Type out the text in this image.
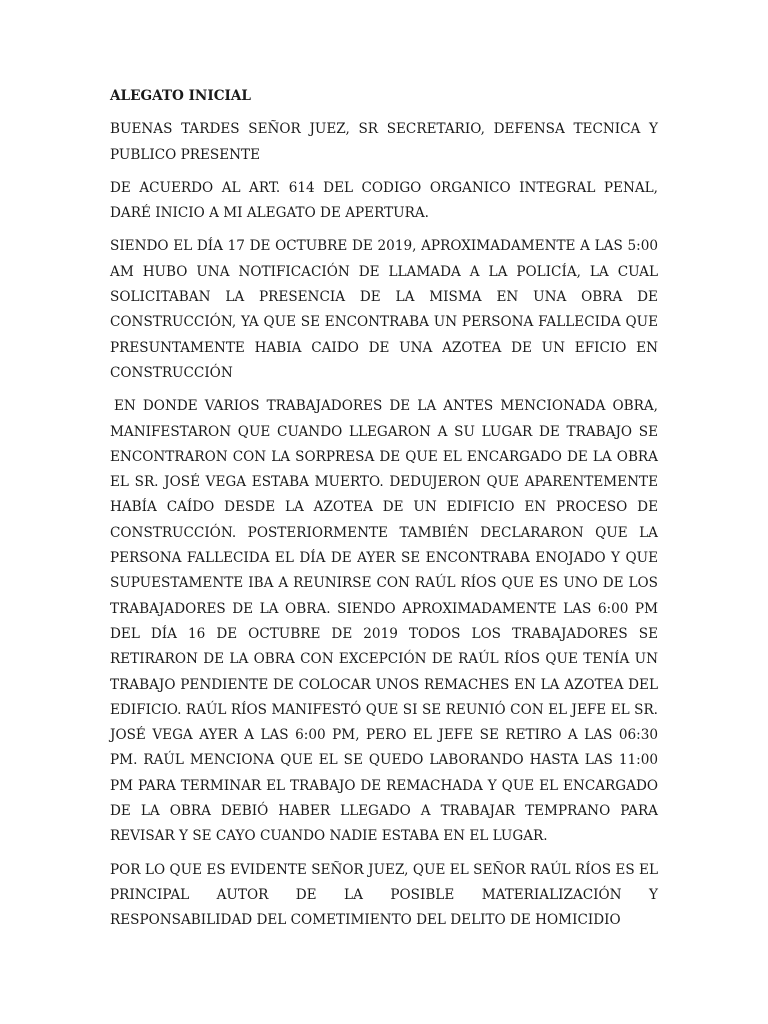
ALEGATO INICIAL

BUENAS TARDES SEÑOR JUEZ, SR SECRETARIO, DEFENSA TECNICA Y PUBLICO PRESENTE

DE ACUERDO AL ART. 614 DEL CODIGO ORGANICO INTEGRAL PENAL, DARÉ INICIO A MI ALEGATO DE APERTURA.

SIENDO EL DÍA 17 DE OCTUBRE DE 2019, APROXIMADAMENTE A LAS 5:00 AM HUBO UNA NOTIFICACIÓN DE LLAMADA A LA POLICÍA, LA CUAL SOLICITABAN LA PRESENCIA DE LA MISMA EN UNA OBRA DE CONSTRUCCIÓN, YA QUE SE ENCONTRABA UN PERSONA FALLECIDA QUE PRESUNTAMENTE HABIA CAIDO DE UNA AZOTEA DE UN EFICIO EN CONSTRUCCIÓN

EN DONDE VARIOS TRABAJADORES DE LA ANTES MENCIONADA OBRA, MANIFESTARON QUE CUANDO LLEGARON A SU LUGAR DE TRABAJO SE ENCONTRARON CON LA SORPRESA DE QUE EL ENCARGADO DE LA OBRA EL SR. JOSÉ VEGA ESTABA MUERTO. DEDUJERON QUE APARENTEMENTE HABÍA CAÍDO DESDE LA AZOTEA DE UN EDIFICIO EN PROCESO DE CONSTRUCCIÓN. POSTERIORMENTE TAMBIÉN DECLARARON QUE LA PERSONA FALLECIDA EL DÍA DE AYER SE ENCONTRABA ENOJADO Y QUE SUPUESTAMENTE IBA A REUNIRSE CON RAÚL RÍOS QUE ES UNO DE LOS TRABAJADORES DE LA OBRA. SIENDO APROXIMADAMENTE LAS 6:00 PM DEL DÍA 16 DE OCTUBRE DE 2019 TODOS LOS TRABAJADORES SE RETIRARON DE LA OBRA CON EXCEPCIÓN DE RAÚL RÍOS QUE TENÍA UN TRABAJO PENDIENTE DE COLOCAR UNOS REMACHES EN LA AZOTEA DEL EDIFICIO. RAÚL RÍOS MANIFESTÓ QUE SI SE REUNIÓ CON EL JEFE EL SR. JOSÉ VEGA AYER A LAS 6:00 PM, PERO EL JEFE SE RETIRO A LAS 06:30 PM. RAÚL MENCIONA QUE EL SE QUEDO LABORANDO HASTA LAS 11:00 PM PARA TERMINAR EL TRABAJO DE REMACHADA Y QUE EL ENCARGADO DE LA OBRA DEBIÓ HABER LLEGADO A TRABAJAR TEMPRANO PARA REVISAR Y SE CAYO CUANDO NADIE ESTABA EN EL LUGAR.

POR LO QUE ES EVIDENTE SEÑOR JUEZ, QUE EL SEÑOR RAÚL RÍOS ES EL PRINCIPAL AUTOR DE LA POSIBLE MATERIALIZACIÓN Y RESPONSABILIDAD DEL COMETIMIENTO DEL DELITO DE HOMICIDIO
